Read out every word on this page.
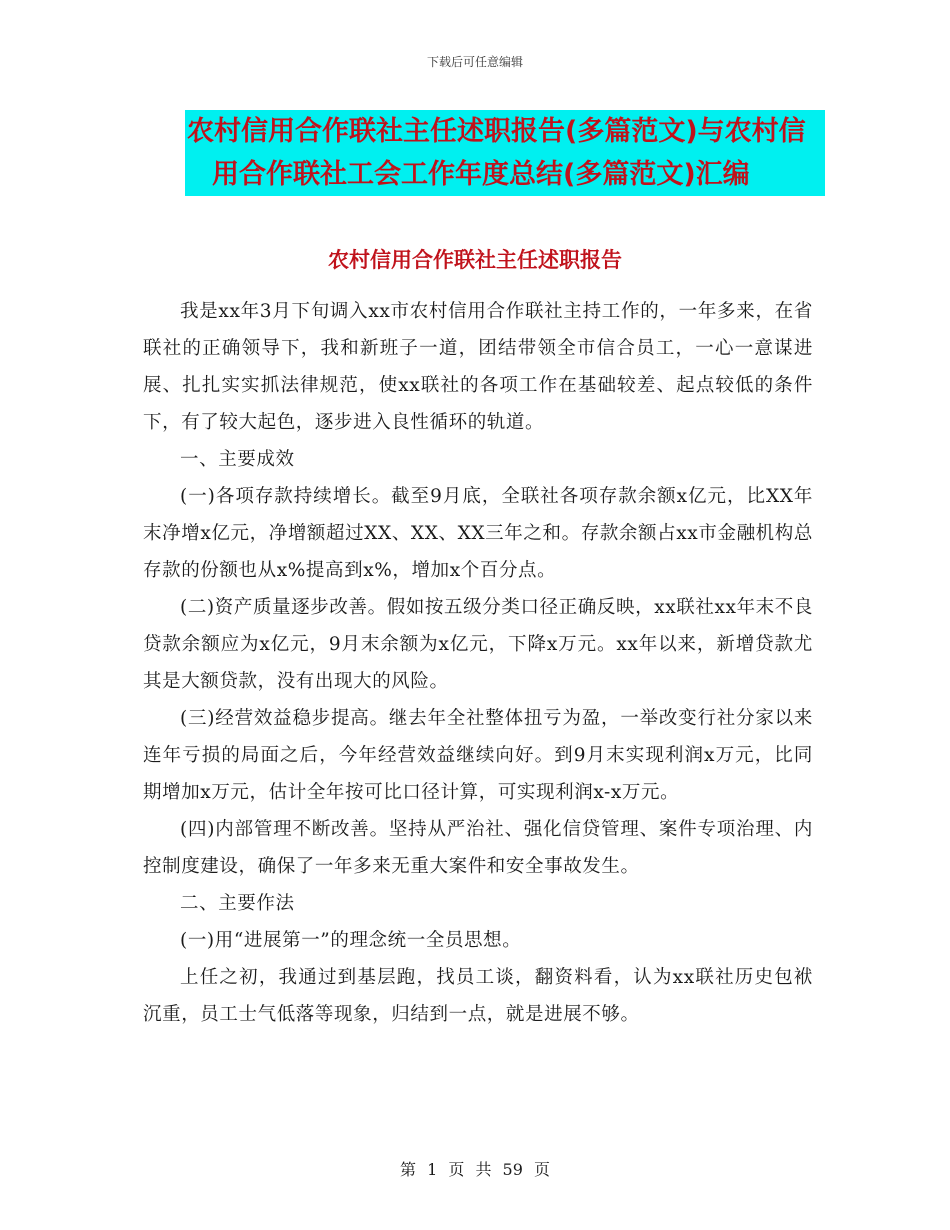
下载后可任意编辑
农村信用合作联社主任述职报告(多篇范文)与农村信
用合作联社工会工作年度总结(多篇范文)汇编
农村信用合作联社主任述职报告

我是xx年3月下旬调入xx市农村信用合作联社主持工作的，一年多来，在省联社的正确领导下，我和新班子一道，团结带领全市信合员工，一心一意谋进展、扎扎实实抓法律规范，使xx联社的各项工作在基础较差、起点较低的条件下，有了较大起色，逐步进入良性循环的轨道。

一、主要成效

(一)各项存款持续增长。截至9月底，全联社各项存款余额x亿元，比XX年末净增x亿元，净增额超过XX、XX、XX三年之和。存款余额占xx市金融机构总存款的份额也从x%提高到x%，增加x个百分点。

(二)资产质量逐步改善。假如按五级分类口径正确反映，xx联社xx年末不良贷款余额应为x亿元，9月末余额为x亿元，下降x万元。xx年以来，新增贷款尤其是大额贷款，没有出现大的风险。

(三)经营效益稳步提高。继去年全社整体扭亏为盈，一举改变行社分家以来连年亏损的局面之后，今年经营效益继续向好。到9月末实现利润x万元，比同期增加x万元，估计全年按可比口径计算，可实现利润x-x万元。

(四)内部管理不断改善。坚持从严治社、强化信贷管理、案件专项治理、内控制度建设，确保了一年多来无重大案件和安全事故发生。

二、主要作法

(一)用“进展第一”的理念统一全员思想。

上任之初，我通过到基层跑，找员工谈，翻资料看，认为xx联社历史包袱沉重，员工士气低落等现象，归结到一点，就是进展不够。

第 1 页 共 59 页
